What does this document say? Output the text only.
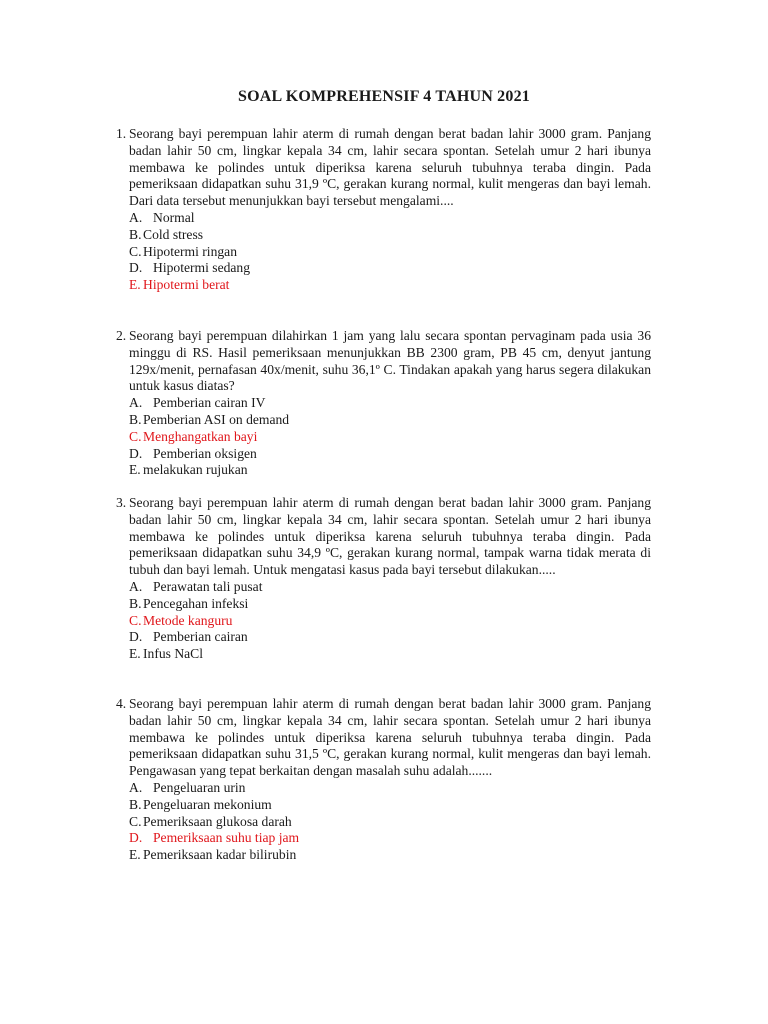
SOAL KOMPREHENSIF 4 TAHUN 2021

1. Seorang bayi perempuan lahir aterm di rumah dengan berat badan lahir 3000 gram. Panjang badan lahir 50 cm, lingkar kepala 34 cm, lahir secara spontan. Setelah umur 2 hari ibunya membawa ke polindes untuk diperiksa karena seluruh tubuhnya teraba dingin. Pada pemeriksaan didapatkan suhu 31,9 ºC, gerakan kurang normal, kulit mengeras dan bayi lemah. Dari data tersebut menunjukkan bayi tersebut mengalami....

A. Normal
B. Cold stress
C. Hipotermi ringan
D. Hipotermi sedang
E. Hipotermi berat

2. Seorang bayi perempuan dilahirkan 1 jam yang lalu secara spontan pervaginam pada usia 36 minggu di RS. Hasil pemeriksaan menunjukkan BB 2300 gram, PB 45 cm, denyut jantung 129x/menit, pernafasan 40x/menit, suhu 36,1º C. Tindakan apakah yang harus segera dilakukan untuk kasus diatas?

A. Pemberian cairan IV
B. Pemberian ASI on demand
C. Menghangatkan bayi
D. Pemberian oksigen
E. melakukan rujukan

3. Seorang bayi perempuan lahir aterm di rumah dengan berat badan lahir 3000 gram. Panjang badan lahir 50 cm, lingkar kepala 34 cm, lahir secara spontan. Setelah umur 2 hari ibunya membawa ke polindes untuk diperiksa karena seluruh tubuhnya teraba dingin. Pada pemeriksaan didapatkan suhu 34,9 ºC, gerakan kurang normal, tampak warna tidak merata di tubuh dan bayi lemah. Untuk mengatasi kasus pada bayi tersebut dilakukan.....

A. Perawatan tali pusat
B. Pencegahan infeksi
C. Metode kanguru
D. Pemberian cairan
E. Infus NaCl

4. Seorang bayi perempuan lahir aterm di rumah dengan berat badan lahir 3000 gram. Panjang badan lahir 50 cm, lingkar kepala 34 cm, lahir secara spontan. Setelah umur 2 hari ibunya membawa ke polindes untuk diperiksa karena seluruh tubuhnya teraba dingin. Pada pemeriksaan didapatkan suhu 31,5 ºC, gerakan kurang normal, kulit mengeras dan bayi lemah. Pengawasan yang tepat berkaitan dengan masalah suhu adalah.......

A. Pengeluaran urin
B. Pengeluaran mekonium
C. Pemeriksaan glukosa darah
D. Pemeriksaan suhu tiap jam
E. Pemeriksaan kadar bilirubin
